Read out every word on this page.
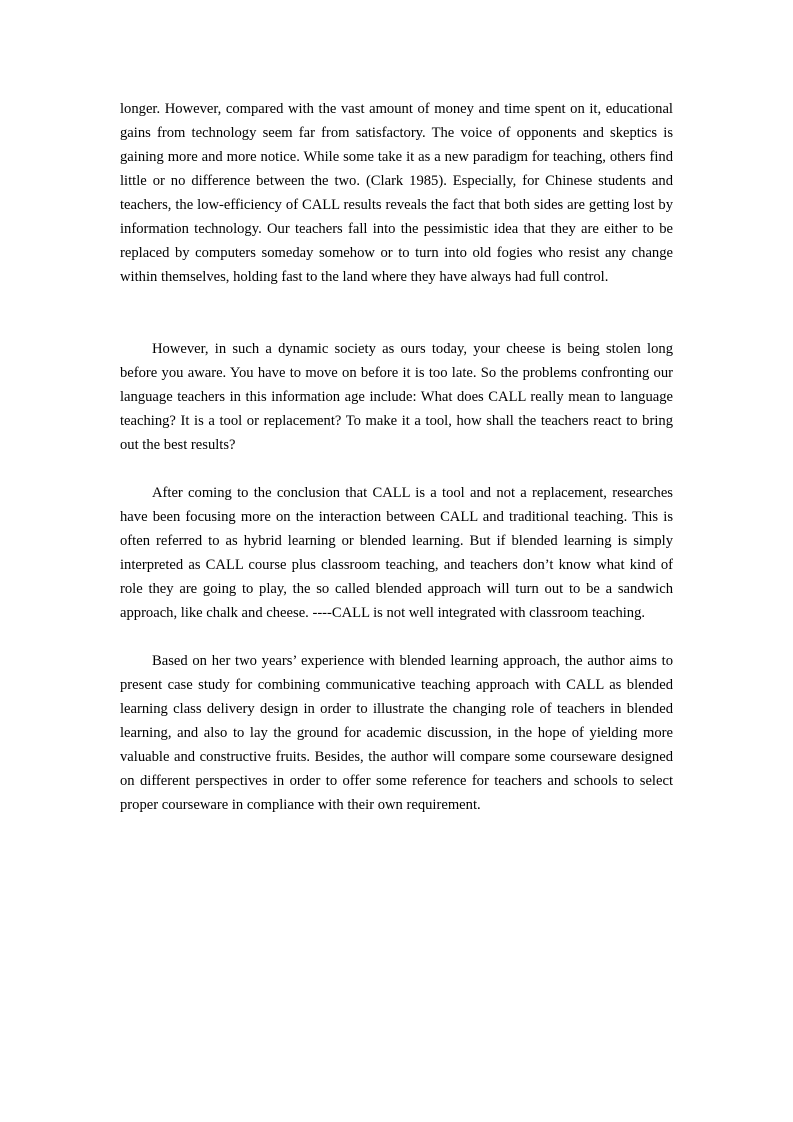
longer. However, compared with the vast amount of money and time spent on it, educational gains from technology seem far from satisfactory. The voice of opponents and skeptics is gaining more and more notice. While some take it as a new paradigm for teaching, others find little or no difference between the two. (Clark 1985). Especially, for Chinese students and teachers, the low-efficiency of CALL results reveals the fact that both sides are getting lost by information technology. Our teachers fall into the pessimistic idea that they are either to be replaced by computers someday somehow or to turn into old fogies who resist any change within themselves, holding fast to the land where they have always had full control.

However, in such a dynamic society as ours today, your cheese is being stolen long before you aware. You have to move on before it is too late. So the problems confronting our language teachers in this information age include: What does CALL really mean to language teaching? It is a tool or replacement? To make it a tool, how shall the teachers react to bring out the best results?

After coming to the conclusion that CALL is a tool and not a replacement, researches have been focusing more on the interaction between CALL and traditional teaching. This is often referred to as hybrid learning or blended learning. But if blended learning is simply interpreted as CALL course plus classroom teaching, and teachers don’t know what kind of role they are going to play, the so called blended approach will turn out to be a sandwich approach, like chalk and cheese. ----CALL is not well integrated with classroom teaching.

Based on her two years’ experience with blended learning approach, the author aims to present case study for combining communicative teaching approach with CALL as blended learning class delivery design in order to illustrate the changing role of teachers in blended learning, and also to lay the ground for academic discussion, in the hope of yielding more valuable and constructive fruits. Besides, the author will compare some courseware designed on different perspectives in order to offer some reference for teachers and schools to select proper courseware in compliance with their own requirement.
